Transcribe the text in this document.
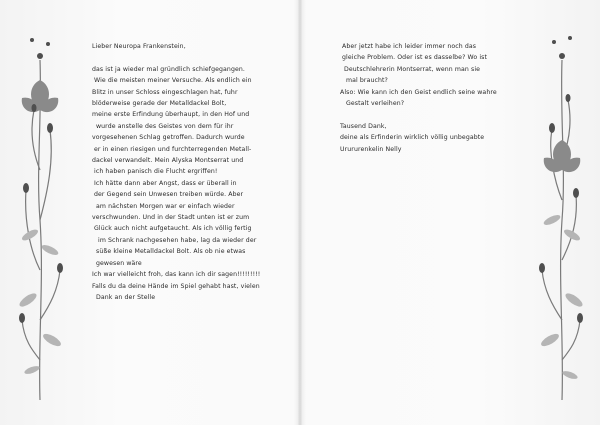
Lieber Neuropa Frankenstein,
das ist ja wieder mal gründlich schiefgegangen.
Wie die meisten meiner Versuche. Als endlich ein
Blitz in unser Schloss eingeschlagen hat, fuhr
blöderweise gerade der Metalldackel Bolt,
meine erste Erfindung überhaupt, in den Hof und
wurde anstelle des Geistes von dem für ihr
vorgesehenen Schlag getroffen. Dadurch wurde
er in einen riesigen und furchterregenden Metall-
dackel verwandelt. Mein Alyska Montserrat und
ich haben panisch die Flucht ergriffen!
Ich hätte dann aber Angst, dass er überall in
der Gegend sein Unwesen treiben würde. Aber
am nächsten Morgen war er einfach wieder
verschwunden. Und in der Stadt unten ist er zum
Glück auch nicht aufgetaucht. Als ich völlig fertig
im Schrank nachgesehen habe, lag da wieder der
süße kleine Metalldackel Bolt. Als ob nie etwas
gewesen wäre
Ich war vielleicht froh, das kann ich dir sagen!!!!!!!!!
Falls du da deine Hände im Spiel gehabt hast, vielen
Dank an der Stelle
Aber jetzt habe ich leider immer noch das
gleiche Problem. Oder ist es dasselbe? Wo ist
Deutschlehrerin Montserrat, wenn man sie
mal braucht?
Also: Wie kann ich den Geist endlich seine wahre
Gestalt verleihen?
Tausend Dank,
deine als Erfinderin wirklich völlig unbegabte
Urururenkelin Nelly
